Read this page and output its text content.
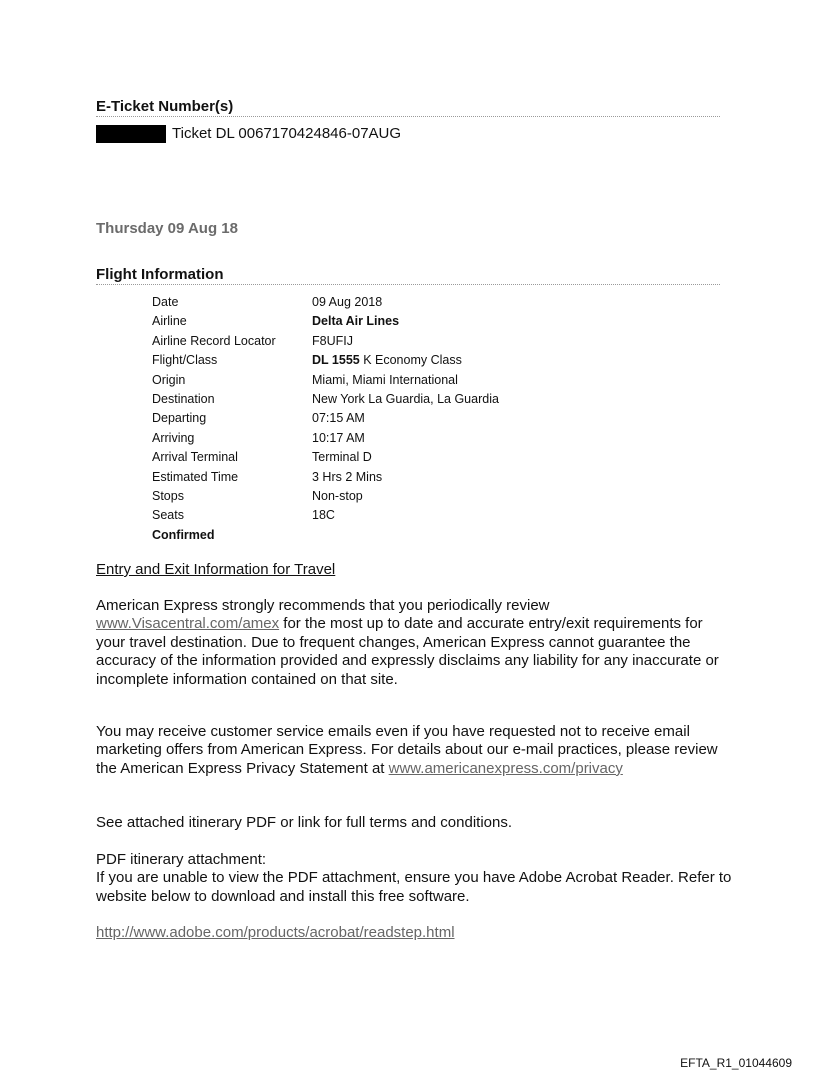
E-Ticket Number(s)
Ticket DL 0067170424846-07AUG
Thursday 09 Aug 18
Flight Information
Date	09 Aug 2018
Airline	Delta Air Lines
Airline Record Locator	F8UFIJ
Flight/Class	DL 1555 K Economy Class
Origin	Miami, Miami International
Destination	New York La Guardia, La Guardia
Departing	07:15 AM
Arriving	10:17 AM
Arrival Terminal	Terminal D
Estimated Time	3 Hrs 2 Mins
Stops	Non-stop
Seats	18C
Confirmed	
Entry and Exit Information for Travel
American Express strongly recommends that you periodically review www.Visacentral.com/amex for the most up to date and accurate entry/exit requirements for your travel destination. Due to frequent changes, American Express cannot guarantee the accuracy of the information provided and expressly disclaims any liability for any inaccurate or incomplete information contained on that site.
You may receive customer service emails even if you have requested not to receive email marketing offers from American Express. For details about our e-mail practices, please review the American Express Privacy Statement at www.americanexpress.com/privacy
See attached itinerary PDF or link for full terms and conditions.
PDF itinerary attachment:
If you are unable to view the PDF attachment, ensure you have Adobe Acrobat Reader. Refer to website below to download and install this free software.
http://www.adobe.com/products/acrobat/readstep.html
EFTA_R1_01044609
